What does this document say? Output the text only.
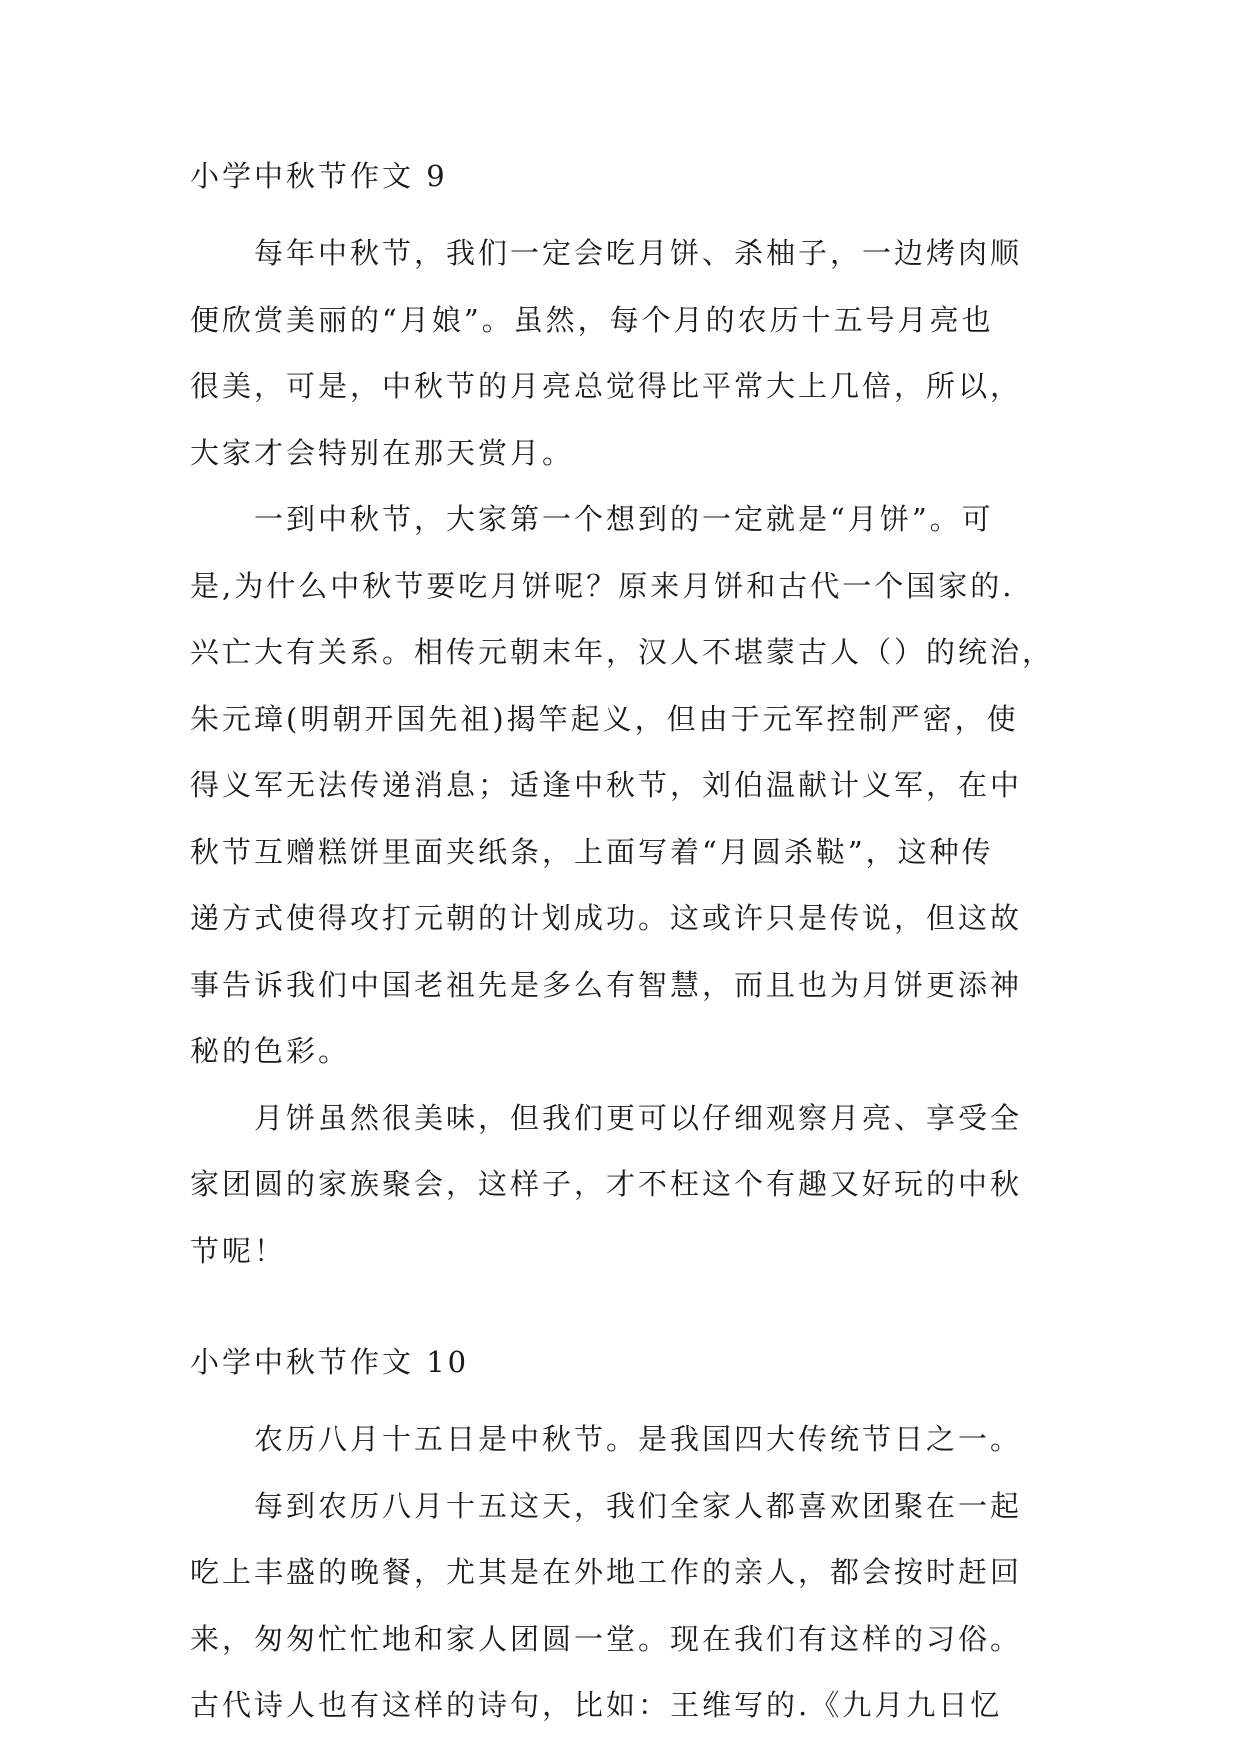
小学中秋节作文 9

每年中秋节，我们一定会吃月饼、杀柚子，一边烤肉顺
便欣赏美丽的“月娘”。虽然，每个月的农历十五号月亮也
很美，可是，中秋节的月亮总觉得比平常大上几倍，所以，
大家才会特别在那天赏月。

一到中秋节，大家第一个想到的一定就是“月饼”。可
是,为什么中秋节要吃月饼呢？原来月饼和古代一个国家的.
兴亡大有关系。相传元朝末年，汉人不堪蒙古人（）的统治，
朱元璋(明朝开国先祖)揭竿起义，但由于元军控制严密，使
得义军无法传递消息；适逢中秋节，刘伯温献计义军，在中
秋节互赠糕饼里面夹纸条，上面写着“月圆杀鞑”，这种传
递方式使得攻打元朝的计划成功。这或许只是传说，但这故
事告诉我们中国老祖先是多么有智慧，而且也为月饼更添神
秘的色彩。

月饼虽然很美味，但我们更可以仔细观察月亮、享受全
家团圆的家族聚会，这样子，才不枉这个有趣又好玩的中秋
节呢！

小学中秋节作文 10

农历八月十五日是中秋节。是我国四大传统节日之一。

每到农历八月十五这天，我们全家人都喜欢团聚在一起
吃上丰盛的晚餐，尤其是在外地工作的亲人，都会按时赶回
来，匆匆忙忙地和家人团圆一堂。现在我们有这样的习俗。
古代诗人也有这样的诗句，比如：王维写的.《九月九日忆
